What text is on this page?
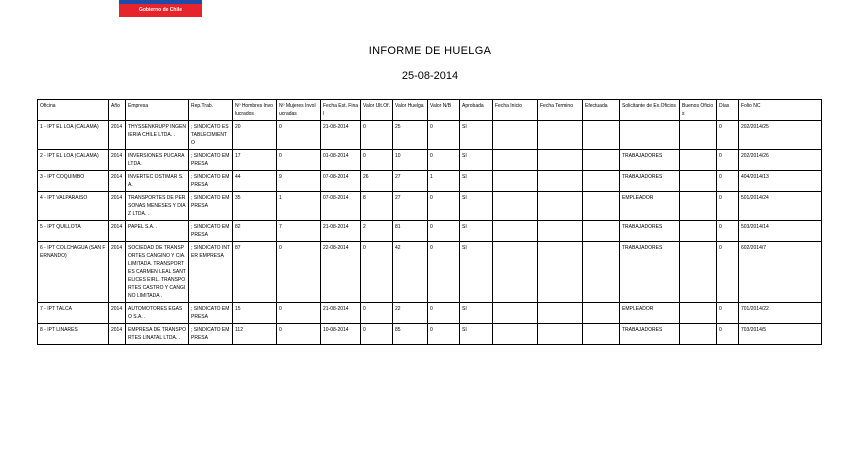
Gobierno de Chile
INFORME DE HUELGA
25-08-2014
Oficina	Año	Empresa	Rep.Trab.	Nº Hombres Involucrados	Nº Mujeres Involucradas	Fecha Est. Final	Valor Ult.Of.	Valor Huelga	Valor N/B	Aprobada	Fecha Inicio	Fecha Termino	Efectuada	Solicitante de Ex.Oficios	Buenos Oficios	Días	Folio NC
1 - IPT EL LOA (CALAMA)	2014	THYSSENKRUPP INGENIERIA CHILE LTDA. .	; SINDICATO ESTABLECIMIENTO	20	0	21-08-2014	0	25	0	SI						0	202/2014/25
2 - IPT EL LOA (CALAMA)	2014	INVERSIONES PUCARA LTDA.	; SINDICATO EMPRESA	17	0	01-08-2014	0	10	0	SI				TRABAJADORES		0	202/2014/26
3 - IPT COQUIMBO	2014	INVERTEC OSTIMAR S.A.	; SINDICATO EMPRESA	44	9	07-08-2014	26	27	1	SI				TRABAJADORES		0	404/2014/13
4 - IPT VALPARAISO	2014	TRANSPORTES DE PERSONAS MENESES Y DIAZ LTDA. .	; SINDICATO EMPRESA	35	1	07-08-2014	8	27	0	SI				EMPLEADOR		0	501/2014/24
5 - IPT QUILLOTA	2014	PAPEL S.A. .	; SINDICATO EMPRESA	82	7	21-08-2014	2	81	0	SI				TRABAJADORES		0	503/2014/14
6 - IPT COLCHAGUA (SAN FERNANDO)	2014	SOCIEDAD DE TRANSPORTES CANGINO Y CIA. LIMITADA. TRANSPORTES CARMEN LEAL SANTELICES EIRL. TRANSPORTES CASTRO Y CANGINO LIMITADA .	; SINDICATO INTER EMPRESA	87	0	22-08-2014	0	42	0	SI				TRABAJADORES		0	602/2014/7
7 - IPT TALCA	2014	AUTOMOTORES EGASO S.A. .	; SINDICATO EMPRESA	15	0	21-08-2014	0	22	0	SI				EMPLEADOR		0	701/2014/22
8 - IPT LINARES	2014	EMPRESA DE TRANSPORTES LINATAL LTDA. .	; SINDICATO EMPRESA	112	0	10-08-2014	0	85	0	SI				TRABAJADORES		0	703/2014/5
